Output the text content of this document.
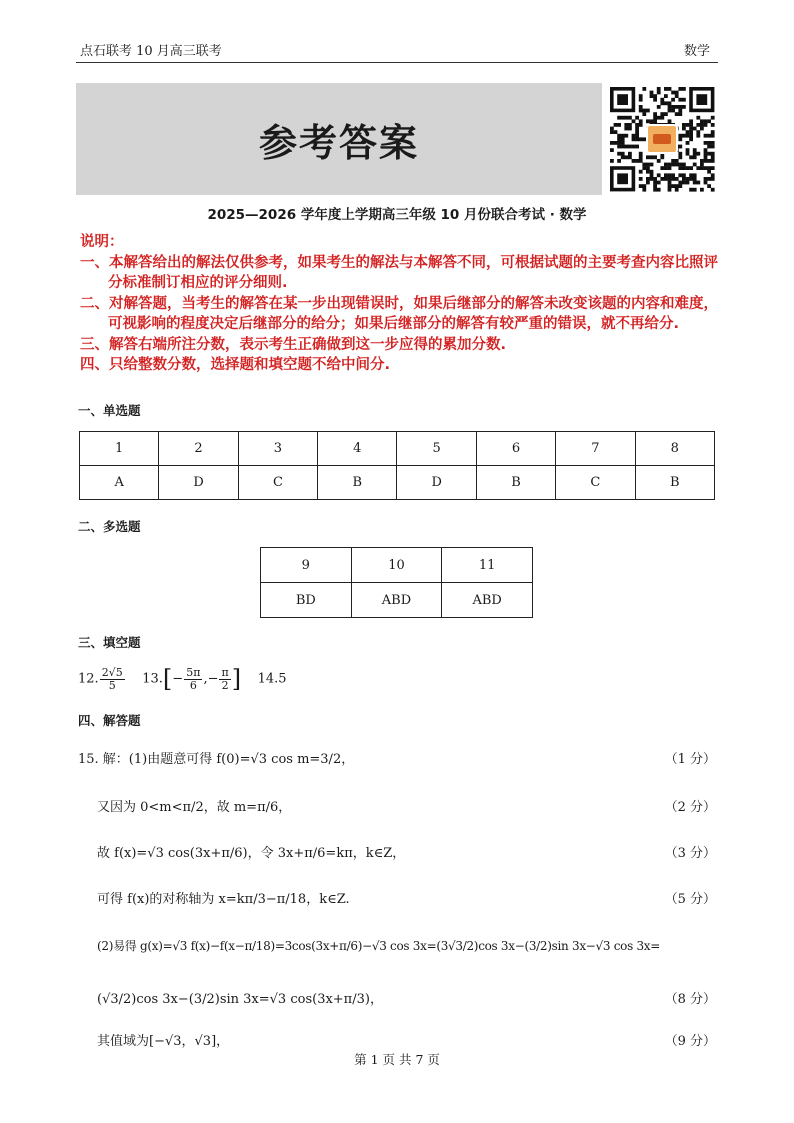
点石联考 10 月高三联考	数学
参考答案
2025—2026 学年度上学期高三年级 10 月份联合考试 · 数学
说明：
一、本解答给出的解法仅供参考，如果考生的解法与本解答不同，可根据试题的主要考查内容比照评分标准制订相应的评分细则.
二、对解答题，当考生的解答在某一步出现错误时，如果后继部分的解答未改变该题的内容和难度，可视影响的程度决定后继部分的给分；如果后继部分的解答有较严重的错误，就不再给分.
三、解答右端所注分数，表示考生正确做到这一步应得的累加分数.
四、只给整数分数，选择题和填空题不给中间分.
一、单选题
1	2	3	4	5	6	7	8
A	D	C	B	D	B	C	B
二、多选题
9	10	11
BD	ABD	ABD
三、填空题
12. $\frac{2√5}{5} 13.[- \frac{5\pi}{6}$ ,− $\frac{\pi}{2}$ ] 14.5
四、解答题
15. 解：(1)由题意可得 f(0)=√3 cos m=3/2，	（1 分）
又因为 0<m<π/2，故 m=π/6，	（2 分）
故 f(x)=√3 cos(3x+π/6)，令 3x+π/6=kπ，k∈Z，	（3 分）
可得 f(x)的对称轴为 x=kπ/3−π/18，k∈Z.	（5 分）
(2)易得 g(x)=√3 f(x)−f(x−π/18)=3cos(3x+π/6)−√3 cos 3x=(3√3/2)cos 3x−(3/2)sin 3x−√3 cos 3x=
(√3/2)cos 3x−(3/2)sin 3x=√3 cos(3x+π/3)，	（8 分）
其值域为[−√3，√3]，	（9 分）
第 1 页 共 7 页
